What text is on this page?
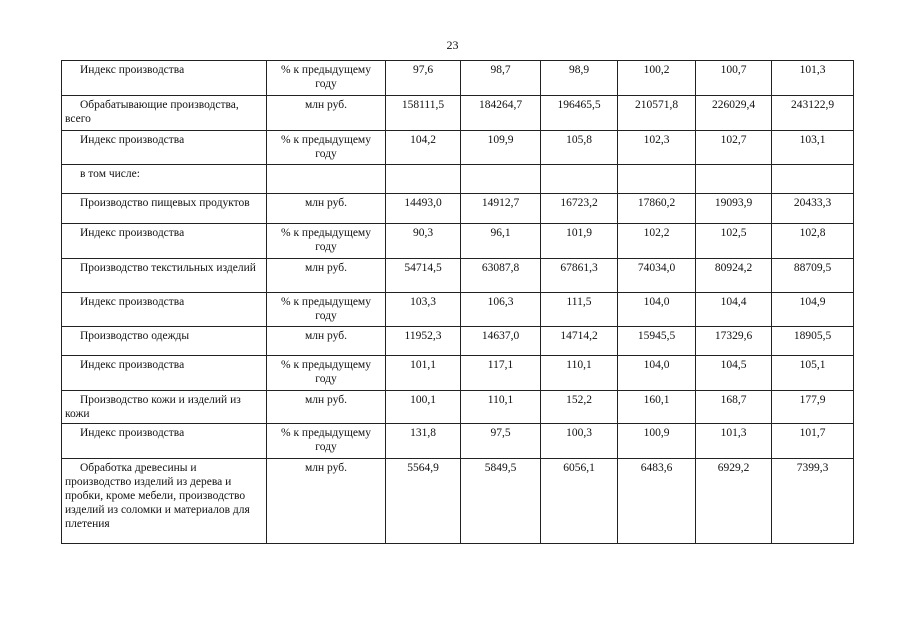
23
Индекс производства	% к предыдущему году	97,6	98,7	98,9	100,2	100,7	101,3
Обрабатывающие производства, всего	млн руб.	158111,5	184264,7	196465,5	210571,8	226029,4	243122,9
Индекс производства	% к предыдущему году	104,2	109,9	105,8	102,3	102,7	103,1
в том числе:							
Производство пищевых продуктов	млн руб.	14493,0	14912,7	16723,2	17860,2	19093,9	20433,3
Индекс производства	% к предыдущему году	90,3	96,1	101,9	102,2	102,5	102,8
Производство текстильных изделий	млн руб.	54714,5	63087,8	67861,3	74034,0	80924,2	88709,5
Индекс производства	% к предыдущему году	103,3	106,3	111,5	104,0	104,4	104,9
Производство одежды	млн руб.	11952,3	14637,0	14714,2	15945,5	17329,6	18905,5
Индекс производства	% к предыдущему году	101,1	117,1	110,1	104,0	104,5	105,1
Производство кожи и изделий из кожи	млн руб.	100,1	110,1	152,2	160,1	168,7	177,9
Индекс производства	% к предыдущему году	131,8	97,5	100,3	100,9	101,3	101,7
Обработка древесины и производство изделий из дерева и пробки, кроме мебели, производство изделий из соломки и материалов для плетения	млн руб.	5564,9	5849,5	6056,1	6483,6	6929,2	7399,3
